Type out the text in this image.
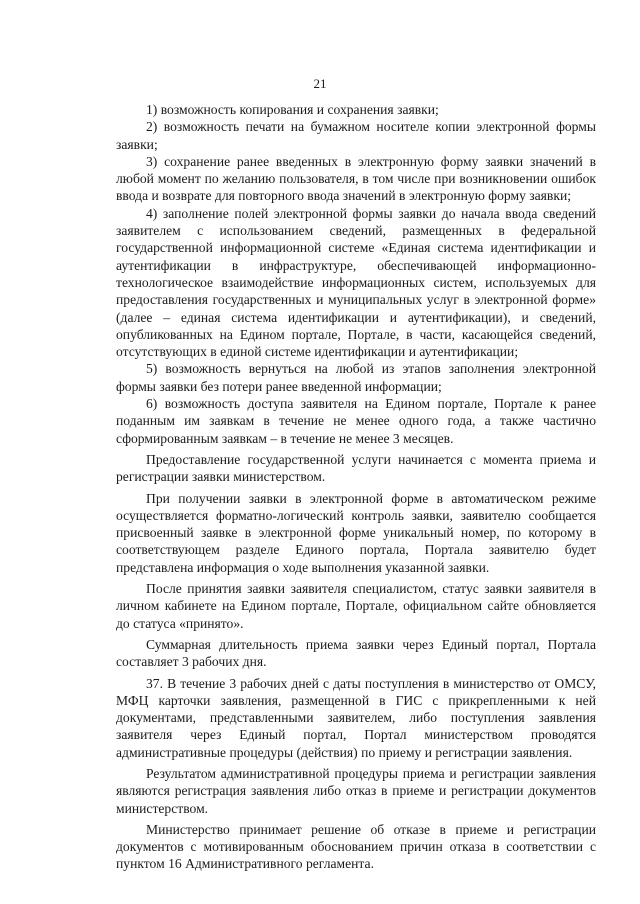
21

1) возможность копирования и сохранения заявки;

2) возможность печати на бумажном носителе копии электронной формы заявки;

3) сохранение ранее введенных в электронную форму заявки значений в любой момент по желанию пользователя, в том числе при возникновении ошибок ввода и возврате для повторного ввода значений в электронную форму заявки;

4) заполнение полей электронной формы заявки до начала ввода сведений заявителем с использованием сведений, размещенных в федеральной государственной информационной системе «Единая система идентификации и аутентификации в инфраструктуре, обеспечивающей информационно-технологическое взаимодействие информационных систем, используемых для предоставления государственных и муниципальных услуг в электронной форме» (далее – единая система идентификации и аутентификации), и сведений, опубликованных на Едином портале, Портале, в части, касающейся сведений, отсутствующих в единой системе идентификации и аутентификации;

5) возможность вернуться на любой из этапов заполнения электронной формы заявки без потери ранее введенной информации;

6) возможность доступа заявителя на Едином портале, Портале к ранее поданным им заявкам в течение не менее одного года, а также частично сформированным заявкам – в течение не менее 3 месяцев.

Предоставление государственной услуги начинается с момента приема и регистрации заявки министерством.

При получении заявки в электронной форме в автоматическом режиме осуществляется форматно-логический контроль заявки, заявителю сообщается присвоенный заявке в электронной форме уникальный номер, по которому в соответствующем разделе Единого портала, Портала заявителю будет представлена информация о ходе выполнения указанной заявки.

После принятия заявки заявителя специалистом, статус заявки заявителя в личном кабинете на Едином портале, Портале, официальном сайте обновляется до статуса «принято».

Суммарная длительность приема заявки через Единый портал, Портала составляет 3 рабочих дня.

37. В течение 3 рабочих дней с даты поступления в министерство от ОМСУ, МФЦ карточки заявления, размещенной в ГИС с прикрепленными к ней документами, представленными заявителем, либо поступления заявления заявителя через Единый портал, Портал министерством проводятся административные процедуры (действия) по приему и регистрации заявления.

Результатом административной процедуры приема и регистрации заявления являются регистрация заявления либо отказ в приеме и регистрации документов министерством.

Министерство принимает решение об отказе в приеме и регистрации документов с мотивированным обоснованием причин отказа в соответствии с пунктом 16 Административного регламента.
